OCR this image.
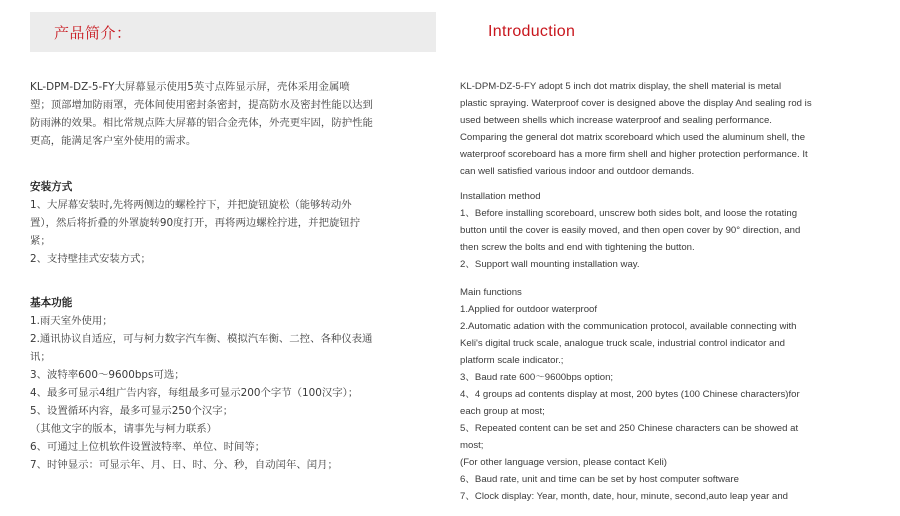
产品简介：	Introduction
KL-DPM-DZ-5-FY大屏幕显示使用5英寸点阵显示屏，壳体采用金属喷
塑；顶部增加防雨罩，壳体间使用密封条密封，提高防水及密封性能以达到
防雨淋的效果。相比常规点阵大屏幕的铝合金壳体，外壳更牢固，防护性能
更高，能满足客户室外使用的需求。
安装方式
1、大屏幕安装时,先将两侧边的螺栓拧下，并把旋钮旋松（能够转动外
置），然后将折叠的外罩旋转90度打开，再将两边螺栓拧进，并把旋钮拧
紧；
2、支持壁挂式安装方式；
基本功能
1.雨天室外使用；
2.通讯协议自适应，可与柯力数字汽车衡、模拟汽车衡、二控、各种仪表通
讯；
3、波特率600～9600bps可选；
4、最多可显示4组广告内容，每组最多可显示200个字节（100汉字）；
5、设置循环内容，最多可显示250个汉字；
（其他文字的版本，请事先与柯力联系）
6、可通过上位机软件设置波特率、单位、时间等；
7、时钟显示：可显示年、月、日、时、分、秒，自动闰年、闰月；
KL-DPM-DZ-5-FY adopt 5 inch dot matrix display, the shell material is metal
plastic spraying. Waterproof cover is designed above the display And sealing rod is
used between shells which increase waterproof and sealing performance.
Comparing the general dot matrix scoreboard which used the aluminum shell, the
waterproof scoreboard has a more firm shell and higher protection performance. It
can well satisfied various indoor and outdoor demands.
Installation method
1、Before installing scoreboard, unscrew both sides bolt, and loose the rotating
button until the cover is easily moved, and then open cover by 90° direction, and
then screw the bolts and end with tightening the button.
2、Support wall mounting installation way.
Main functions
1.Applied for outdoor waterproof
2.Automatic adation with the communication protocol, available connecting with
Keli's digital truck scale, analogue truck scale, industrial control indicator and
platform scale indicator.;
3、Baud rate 600～9600bps option;
4、4 groups ad contents display at most, 200 bytes (100 Chinese characters)for
each group at most;
5、Repeated content can be set and 250 Chinese characters can be showed at
most;
(For other language version, please contact Keli)
6、Baud rate, unit and time can be set by host computer software
7、Clock display: Year, month, date, hour, minute, second,auto leap year and
